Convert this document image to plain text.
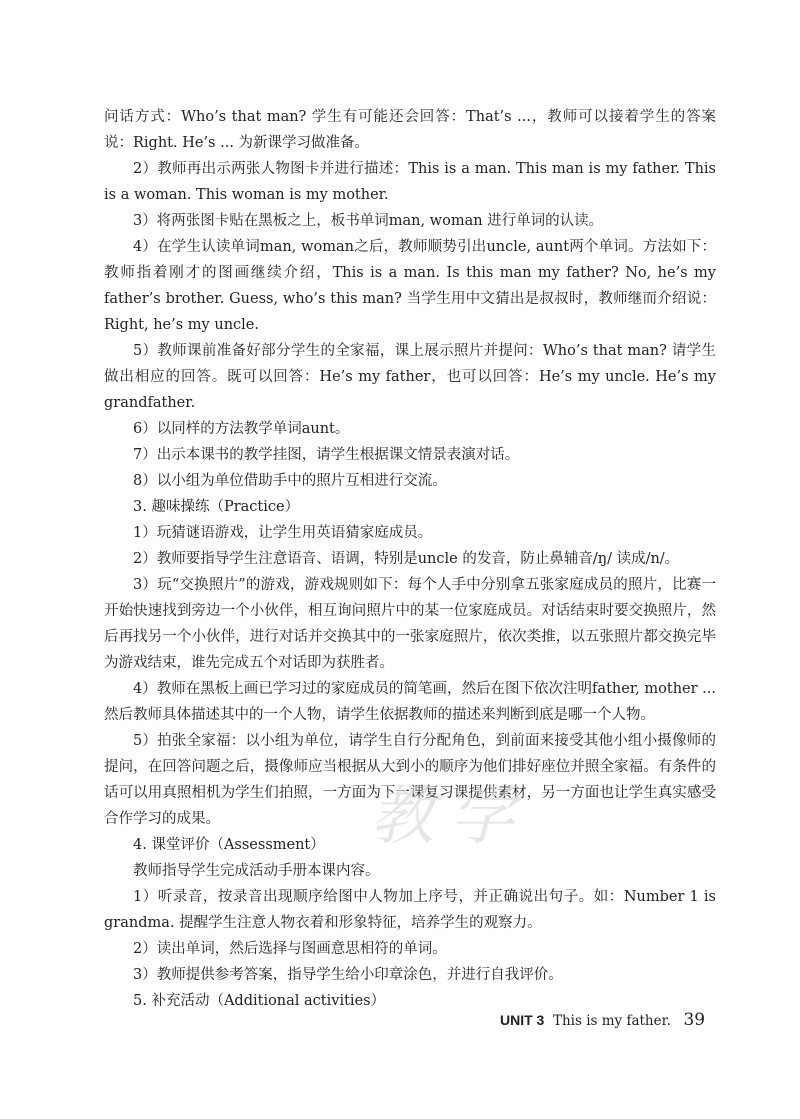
问话方式：Who’s that man? 学生有可能还会回答：That’s ...，教师可以接着学生的答案说：Right. He’s ... 为新课学习做准备。

2）教师再出示两张人物图卡并进行描述：This is a man. This man is my father. This is a woman. This woman is my mother.

3）将两张图卡贴在黑板之上，板书单词man, woman 进行单词的认读。

4）在学生认读单词man, woman之后，教师顺势引出uncle, aunt两个单词。方法如下：教师指着刚才的图画继续介绍，This is a man. Is this man my father? No, he’s my father’s brother. Guess, who’s this man? 当学生用中文猜出是叔叔时，教师继而介绍说：Right, he’s my uncle.

5）教师课前准备好部分学生的全家福，课上展示照片并提问：Who’s that man? 请学生做出相应的回答。既可以回答：He’s my father，也可以回答：He’s my uncle. He’s my grandfather.

6）以同样的方法教学单词aunt。

7）出示本课书的教学挂图，请学生根据课文情景表演对话。

8）以小组为单位借助手中的照片互相进行交流。

3. 趣味操练（Practice）

1）玩猜谜语游戏，让学生用英语猜家庭成员。

2）教师要指导学生注意语音、语调，特别是uncle 的发音，防止鼻辅音/ŋ/ 读成/n/。

3）玩“交换照片”的游戏，游戏规则如下：每个人手中分别拿五张家庭成员的照片，比赛一开始快速找到旁边一个小伙伴，相互询问照片中的某一位家庭成员。对话结束时要交换照片，然后再找另一个小伙伴，进行对话并交换其中的一张家庭照片，依次类推，以五张照片都交换完毕为游戏结束，谁先完成五个对话即为获胜者。

4）教师在黑板上画已学习过的家庭成员的简笔画，然后在图下依次注明father, mother ... 然后教师具体描述其中的一个人物，请学生依据教师的描述来判断到底是哪一个人物。

5）拍张全家福：以小组为单位，请学生自行分配角色，到前面来接受其他小组小摄像师的提问，在回答问题之后，摄像师应当根据从大到小的顺序为他们排好座位并照全家福。有条件的话可以用真照相机为学生们拍照，一方面为下一课复习课提供素材，另一方面也让学生真实感受合作学习的成果。

4. 课堂评价（Assessment）

教师指导学生完成活动手册本课内容。

1）听录音，按录音出现顺序给图中人物加上序号，并正确说出句子。如：Number 1 is grandma. 提醒学生注意人物衣着和形象特征，培养学生的观察力。

2）读出单词，然后选择与图画意思相符的单词。

3）教师提供参考答案，指导学生给小印章涂色，并进行自我评价。

5. 补充活动（Additional activities）

教学
UNIT 3 This is my father. 39
